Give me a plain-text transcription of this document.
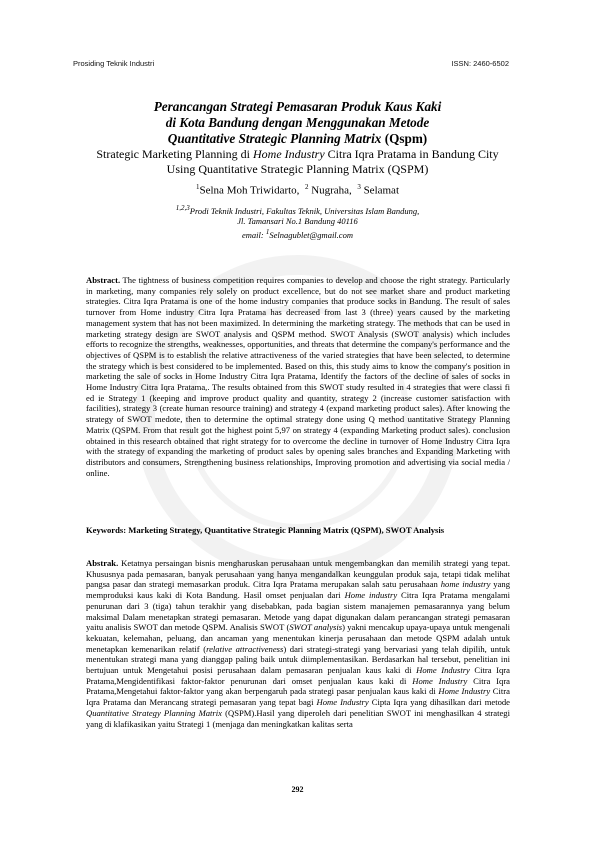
Prosiding Teknik Industri	ISSN: 2460-6502
Perancangan Strategi Pemasaran Produk Kaus Kaki
di Kota Bandung dengan Menggunakan Metode
Quantitative Strategic Planning Matrix (Qspm)
Strategic Marketing Planning di Home Industry Citra Iqra Pratama in Bandung City
Using Quantitative Strategic Planning Matrix (QSPM)
$^1$Selna Moh Triwidarto, $^2$ Nugraha, $^3$ Selamat
$^{1,2,3}$Prodi Teknik Industri, Fakultas Teknik, Universitas Islam Bandung,
Jl. Tamansari No.1 Bandung 40116
email: $^1$Selnagublet@gmail.com
Abstract. The tightness of business competition requires companies to develop and choose the right strategy. Particularly in marketing, many companies rely solely on product excellence, but do not see market share and product marketing strategies. Citra Iqra Pratama is one of the home industry companies that produce socks in Bandung. The result of sales turnover from Home industry Citra Iqra Pratama has decreased from last 3 (three) years caused by the marketing management system that has not been maximized. In determining the marketing strategy. The methods that can be used in marketing strategy design are SWOT analysis and QSPM method. SWOT Analysis (SWOT analysis) which includes efforts to recognize the strengths, weaknesses, opportunities, and threats that determine the company's performance and the objectives of QSPM is to establish the relative attractiveness of the varied strategies that have been selected, to determine the strategy which is best considered to be implemented. Based on this, this study aims to know the company's position in marketing the sale of socks in Home Industry Citra Iqra Pratama, Identify the factors of the decline of sales of socks in Home Industry Citra Iqra Pratama,. The results obtained from this SWOT study resulted in 4 strategies that were classi fi ed ie Strategy 1 (keeping and improve product quality and quantity, strategy 2 (increase customer satisfaction with facilities), strategy 3 (create human resource training) and strategy 4 (expand marketing product sales). After knowing the strategy of SWOT medote, then to determine the optimal strategy done using Q method uantitative Strategy Planning Matrix (QSPM. From that result got the highest point 5,97 on strategy 4 (expanding Marketing product sales). conclusion obtained in this research obtained that right strategy for to overcome the decline in turnover of Home Industry Citra Iqra with the strategy of expanding the marketing of product sales by opening sales branches and Expanding Marketing with distributors and consumers, Strengthening business relationships, Improving promotion and advertising via social media / online.
Keywords: Marketing Strategy, Quantitative Strategic Planning Matrix (QSPM), SWOT Analysis
Abstrak. Ketatnya persaingan bisnis mengharuskan perusahaan untuk mengembangkan dan memilih strategi yang tepat. Khususnya pada pemasaran, banyak perusahaan yang hanya mengandalkan keunggulan produk saja, tetapi tidak melihat pangsa pasar dan strategi memasarkan produk. Citra Iqra Pratama merupakan salah satu perusahaan home industry yang memproduksi kaus kaki di Kota Bandung. Hasil omset penjualan dari Home industry Citra Iqra Pratama mengalami penurunan dari 3 (tiga) tahun terakhir yang disebabkan, pada bagian sistem manajemen pemasarannya yang belum maksimal Dalam menetapkan strategi pemasaran. Metode yang dapat digunakan dalam perancangan strategi pemasaran yaitu analisis SWOT dan metode QSPM. Analisis SWOT (SWOT analysis) yakni mencakup upaya-upaya untuk mengenali kekuatan, kelemahan, peluang, dan ancaman yang menentukan kinerja perusahaan dan metode QSPM adalah untuk menetapkan kemenarikan relatif (relative attractiveness) dari strategi-strategi yang bervariasi yang telah dipilih, untuk menentukan strategi mana yang dianggap paling baik untuk diimplementasikan. Berdasarkan hal tersebut, penelitian ini bertujuan untuk Mengetahui posisi perusahaan dalam pemasaran penjualan kaus kaki di Home Industry Citra Iqra Pratama,Mengidentifikasi faktor-faktor penurunan dari omset penjualan kaus kaki di Home Industry Citra Iqra Pratama,Mengetahui faktor-faktor yang akan berpengaruh pada strategi pasar penjualan kaus kaki di Home Industry Citra Iqra Pratama dan Merancang strategi pemasaran yang tepat bagi Home Industry Cipta Iqra yang dihasilkan dari metode Quantitative Strategy Planning Matrix (QSPM).Hasil yang diperoleh dari penelitian SWOT ini menghasilkan 4 strategi yang di klafikasikan yaitu Strategi 1 (menjaga dan meningkatkan kalitas serta
292
